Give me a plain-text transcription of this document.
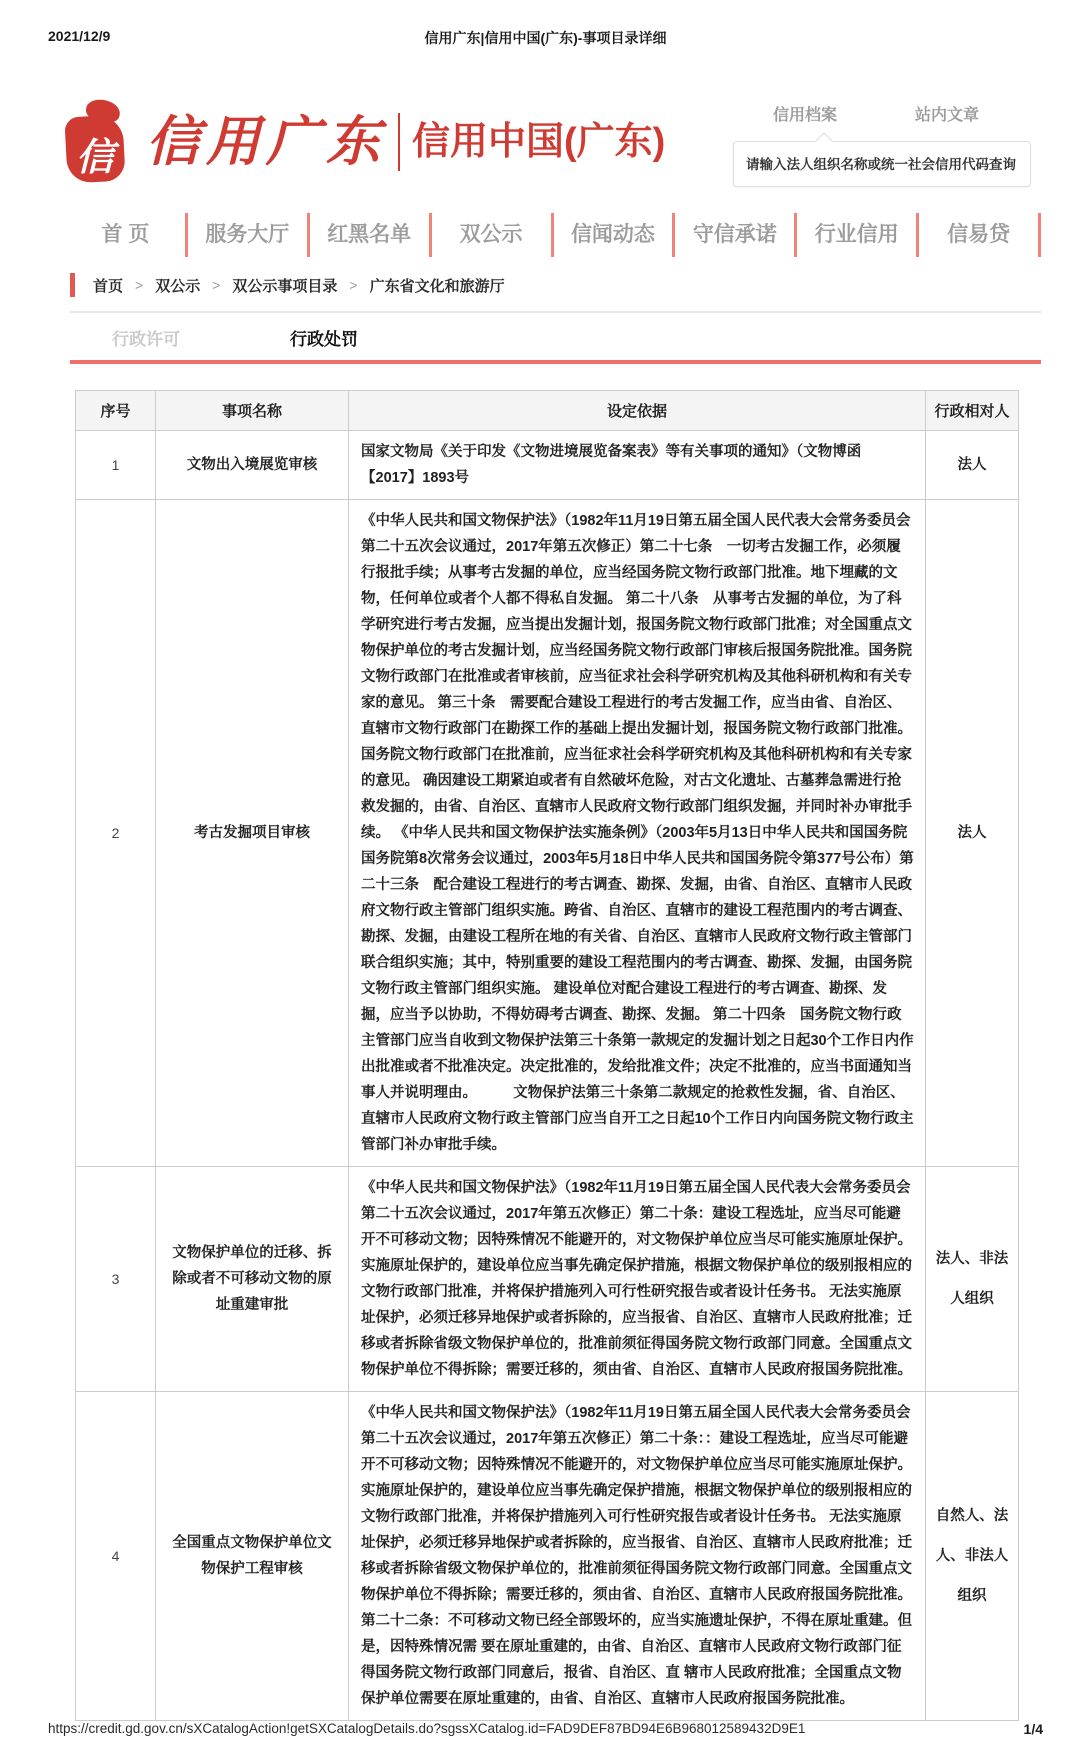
2021/12/9	信用广东|信用中国(广东)-事项目录详细
信 信用广东 信用中国(广东)
信用档案	站内文章
请输入法人组织名称或统一社会信用代码查询
首 页	服务大厅	红黑名单	双公示	信闻动态	守信承诺	行业信用	信易贷
首页 > 双公示 > 双公示事项目录 > 广东省文化和旅游厅
行政许可	行政处罚
序号	事项名称	设定依据	行政相对人
1	文物出入境展览审核	国家文物局《关于印发《文物进境展览备案表》等有关事项的通知》（文物博函【2017】1893号	法人
2	考古发掘项目审核	《中华人民共和国文物保护法》（1982年11月19日第五届全国人民代表大会常务委员会第二十五次会议通过，2017年第五次修正）第二十七条　一切考古发掘工作，必须履行报批手续；从事考古发掘的单位，应当经国务院文物行政部门批准。地下埋藏的文物，任何单位或者个人都不得私自发掘。 第二十八条　从事考古发掘的单位，为了科学研究进行考古发掘，应当提出发掘计划，报国务院文物行政部门批准；对全国重点文物保护单位的考古发掘计划，应当经国务院文物行政部门审核后报国务院批准。国务院文物行政部门在批准或者审核前，应当征求社会科学研究机构及其他科研机构和有关专家的意见。 第三十条　需要配合建设工程进行的考古发掘工作，应当由省、自治区、直辖市文物行政部门在勘探工作的基础上提出发掘计划，报国务院文物行政部门批准。国务院文物行政部门在批准前，应当征求社会科学研究机构及其他科研机构和有关专家的意见。 确因建设工期紧迫或者有自然破坏危险，对古文化遗址、古墓葬急需进行抢救发掘的，由省、自治区、直辖市人民政府文物行政部门组织发掘，并同时补办审批手续。 《中华人民共和国文物保护法实施条例》（2003年5月13日中华人民共和国国务院国务院第8次常务会议通过，2003年5月18日中华人民共和国国务院令第377号公布）第二十三条　配合建设工程进行的考古调查、勘探、发掘，由省、自治区、直辖市人民政府文物行政主管部门组织实施。跨省、自治区、直辖市的建设工程范围内的考古调查、勘探、发掘，由建设工程所在地的有关省、自治区、直辖市人民政府文物行政主管部门联合组织实施；其中，特别重要的建设工程范围内的考古调查、勘探、发掘，由国务院文物行政主管部门组织实施。 建设单位对配合建设工程进行的考古调查、勘探、发掘，应当予以协助，不得妨碍考古调查、勘探、发掘。 第二十四条　国务院文物行政主管部门应当自收到文物保护法第三十条第一款规定的发掘计划之日起30个工作日内作出批准或者不批准决定。决定批准的，发给批准文件；决定不批准的，应当书面通知当事人并说明理由。　　　文物保护法第三十条第二款规定的抢救性发掘，省、自治区、直辖市人民政府文物行政主管部门应当自开工之日起10个工作日内向国务院文物行政主管部门补办审批手续。	法人
3	文物保护单位的迁移、拆除或者不可移动文物的原址重建审批	《中华人民共和国文物保护法》（1982年11月19日第五届全国人民代表大会常务委员会第二十五次会议通过，2017年第五次修正）第二十条：建设工程选址，应当尽可能避开不可移动文物；因特殊情况不能避开的，对文物保护单位应当尽可能实施原址保护。 实施原址保护的，建设单位应当事先确定保护措施，根据文物保护单位的级别报相应的文物行政部门批准，并将保护措施列入可行性研究报告或者设计任务书。 无法实施原址保护，必须迁移异地保护或者拆除的，应当报省、自治区、直辖市人民政府批准；迁移或者拆除省级文物保护单位的，批准前须征得国务院文物行政部门同意。全国重点文物保护单位不得拆除；需要迁移的，须由省、自治区、直辖市人民政府报国务院批准。	法人、非法人组织
4	全国重点文物保护单位文物保护工程审核	《中华人民共和国文物保护法》（1982年11月19日第五届全国人民代表大会常务委员会第二十五次会议通过，2017年第五次修正）第二十条：：建设工程选址，应当尽可能避开不可移动文物；因特殊情况不能避开的，对文物保护单位应当尽可能实施原址保护。 实施原址保护的，建设单位应当事先确定保护措施，根据文物保护单位的级别报相应的文物行政部门批准，并将保护措施列入可行性研究报告或者设计任务书。 无法实施原址保护，必须迁移异地保护或者拆除的，应当报省、自治区、直辖市人民政府批准；迁移或者拆除省级文物保护单位的，批准前须征得国务院文物行政部门同意。全国重点文物保护单位不得拆除；需要迁移的，须由省、自治区、直辖市人民政府报国务院批准。 第二十二条：不可移动文物已经全部毁坏的，应当实施遗址保护，不得在原址重建。但是，因特殊情况需 要在原址重建的，由省、自治区、直辖市人民政府文物行政部门征得国务院文物行政部门同意后，报省、自治区、直 辖市人民政府批准；全国重点文物保护单位需要在原址重建的，由省、自治区、直辖市人民政府报国务院批准。	自然人、法人、非法人组织
https://credit.gd.gov.cn/sXCatalogAction!getSXCatalogDetails.do?sgssXCatalog.id=FAD9DEF87BD94E6B968012589432D9E1	1/4
